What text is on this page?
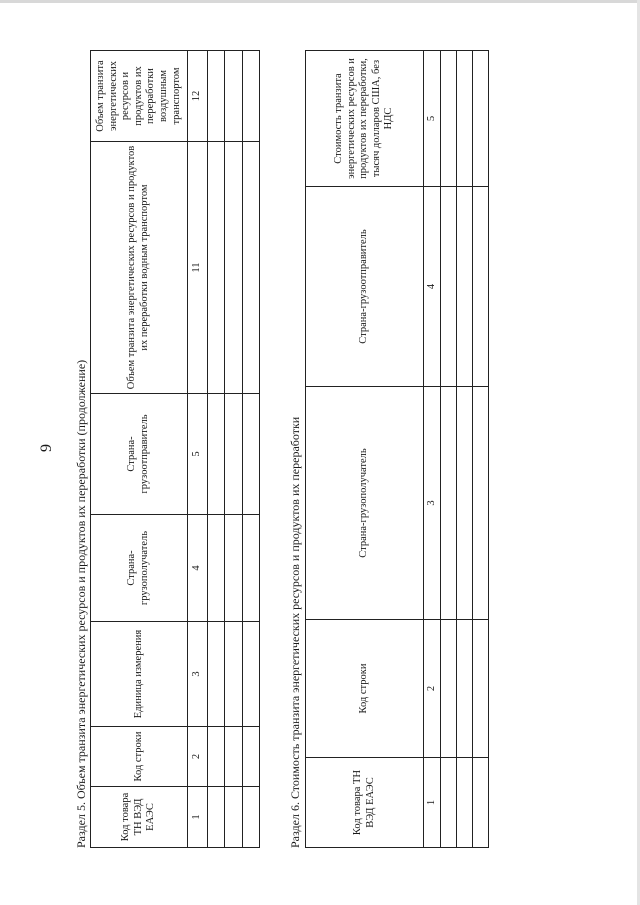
9 Раздел 5. Объем транзита энергетических ресурсов и продуктов их переработки (продолжение)	Код товара ТН ВЭД ЕАЭС	Код строки	Единица измерения	Страна-грузополучатель	Страна-грузоотправитель	Объем транзита энергетических ресурсов и продуктов их переработки водным транспортом	Объем транзита энергетических ресурсов и продуктов их переработки воздушным транспортом
1	2	3	4	5	11	12

Раздел 6. Стоимость транзита энергетических ресурсов и продуктов их переработки	Код товара ТН ВЭД ЕАЭС	Код строки	Страна-грузополучатель	Страна-грузоотправитель	Стоимость транзита энергетических ресурсов и продуктов их переработки, тысяч долларов США, без НДС
1	2	3	4	5
